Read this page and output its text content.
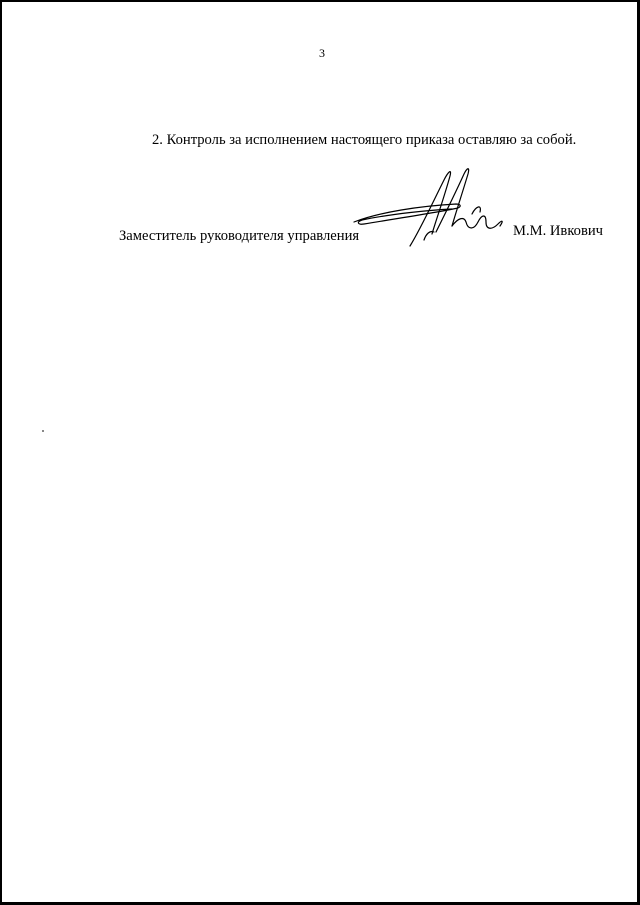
3
2. Контроль за исполнением настоящего приказа оставляю за собой.
Заместитель руководителя управления	М.М. Ивкович
